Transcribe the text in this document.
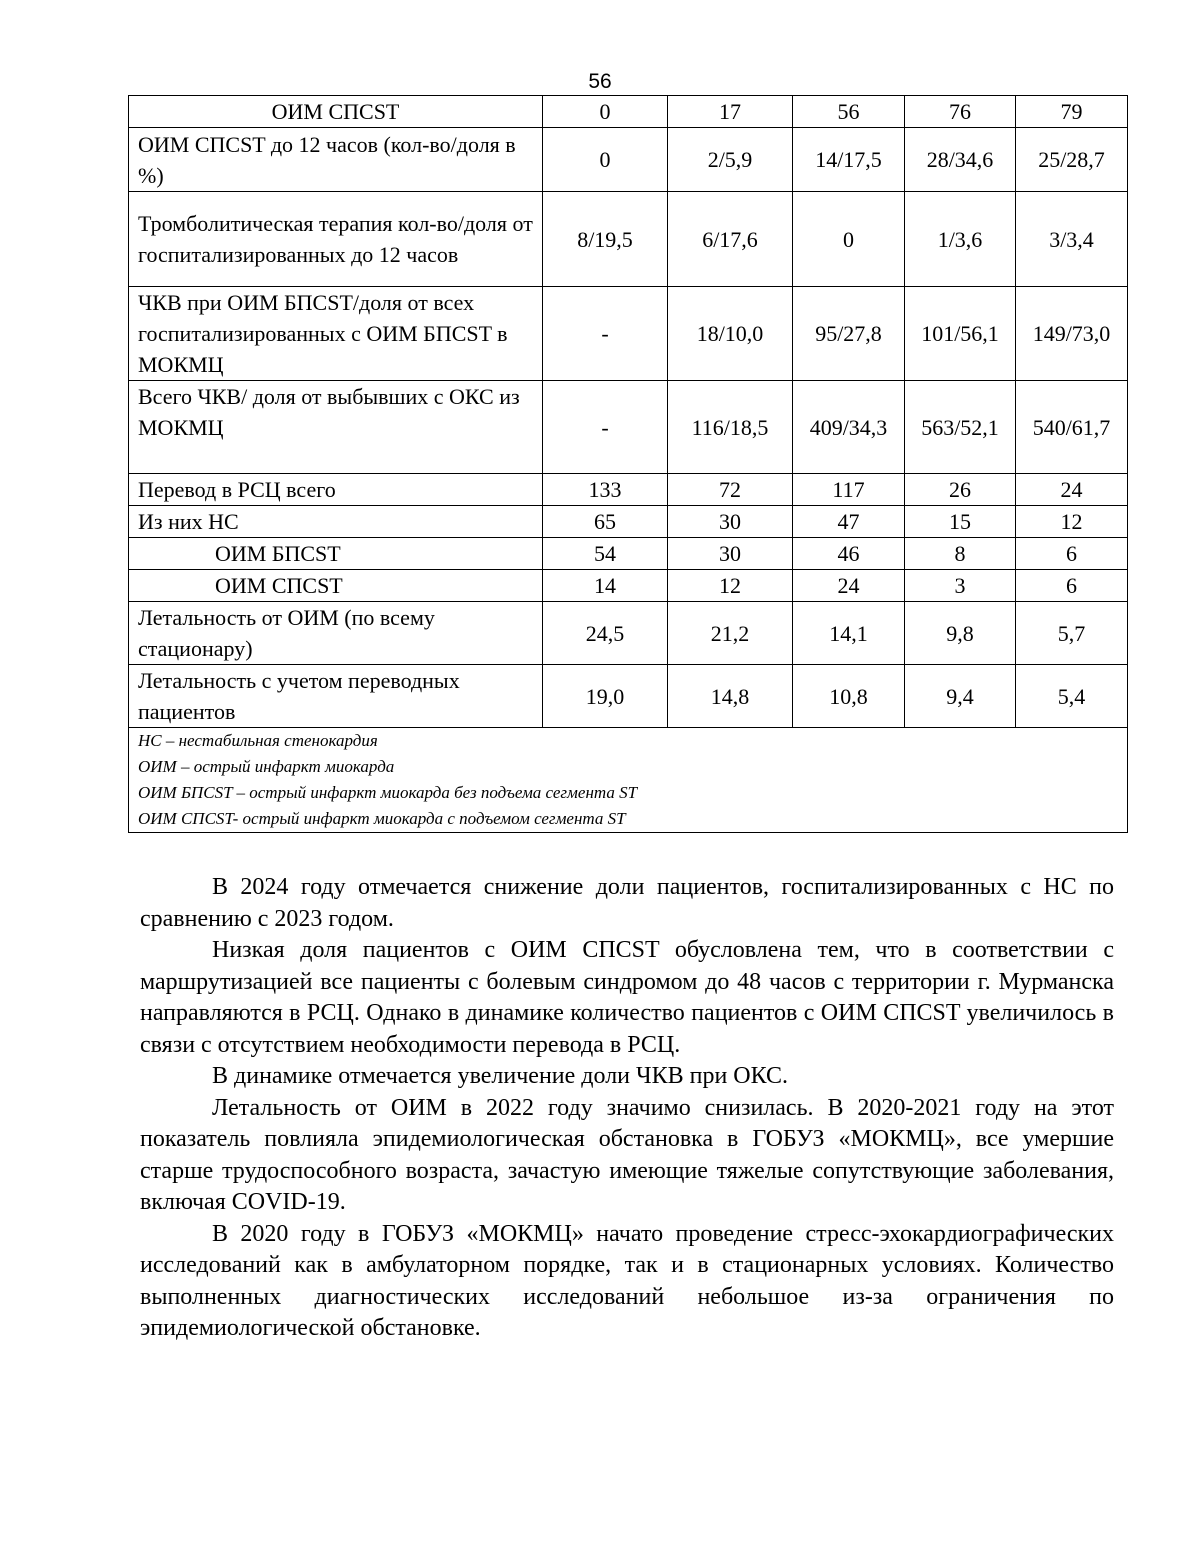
56
ОИМ СПСST	0	17	56	76	79
ОИМ СПСST до 12 часов (кол-во/доля в %)	0	2/5,9	14/17,5	28/34,6	25/28,7
Тромболитическая терапия кол-во/доля от госпитализированных до 12 часов	8/19,5	6/17,6	0	1/3,6	3/3,4
ЧКВ при ОИМ БПСST/доля от всех госпитализированных с ОИМ БПСST в МОКМЦ	-	18/10,0	95/27,8	101/56,1	149/73,0
Всего ЧКВ/ доля от выбывших с ОКС из МОКМЦ	-	116/18,5	409/34,3	563/52,1	540/61,7
Перевод в РСЦ всего	133	72	117	26	24
Из них НС	65	30	47	15	12
ОИМ БПСST	54	30	46	8	6
ОИМ СПСST	14	12	24	3	6
Летальность от ОИМ (по всему стационару)	24,5	21,2	14,1	9,8	5,7
Летальность с учетом переводных пациентов	19,0	14,8	10,8	9,4	5,4

НС – нестабильная стенокардия
ОИМ – острый инфаркт миокарда
ОИМ БПСST – острый инфаркт миокарда без подъема сегмента ST
ОИМ СПСST- острый инфаркт миокарда с подъемом сегмента ST					

В 2024 году отмечается снижение доли пациентов, госпитализированных с НС по сравнению с 2023 годом.

Низкая доля пациентов с ОИМ СПСST обусловлена тем, что в соответствии с маршрутизацией все пациенты с болевым синдромом до 48 часов с территории г. Мурманска направляются в РСЦ. Однако в динамике количество пациентов с ОИМ СПСST увеличилось в связи с отсутствием необходимости перевода в РСЦ.

В динамике отмечается увеличение доли ЧКВ при ОКС.

Летальность от ОИМ в 2022 году значимо снизилась. В 2020-2021 году на этот показатель повлияла эпидемиологическая обстановка в ГОБУЗ «МОКМЦ», все умершие старше трудоспособного возраста, зачастую имеющие тяжелые сопутствующие заболевания, включая COVID-19.

В 2020 году в ГОБУЗ «МОКМЦ» начато проведение стресс-эхокардиографических исследований как в амбулаторном порядке, так и в стационарных условиях. Количество выполненных диагностических исследований небольшое из-за ограничения по эпидемиологической обстановке.
